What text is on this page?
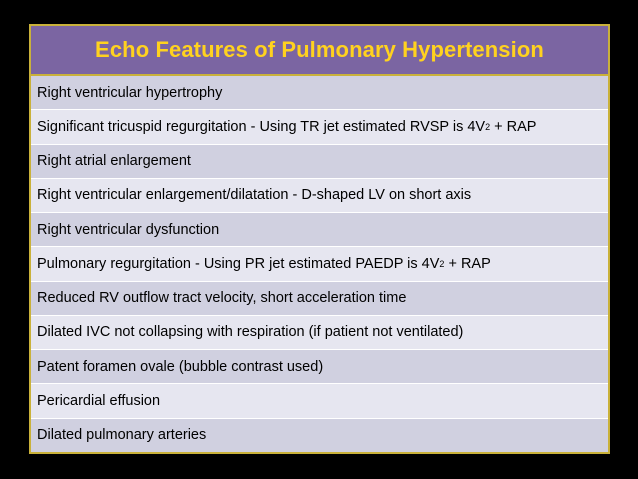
Echo Features of Pulmonary Hypertension
Right ventricular hypertrophy
Significant tricuspid regurgitation - Using TR jet estimated RVSP is 4V 2 + RAP
Right atrial enlargement
Right ventricular enlargement/dilatation - D-shaped LV on short axis
Right ventricular dysfunction
Pulmonary regurgitation - Using PR jet estimated PAEDP is 4V 2 + RAP
Reduced RV outflow tract velocity, short acceleration time
Dilated IVC not collapsing with respiration (if patient not ventilated)
Patent foramen ovale (bubble contrast used)
Pericardial effusion
Dilated pulmonary arteries
